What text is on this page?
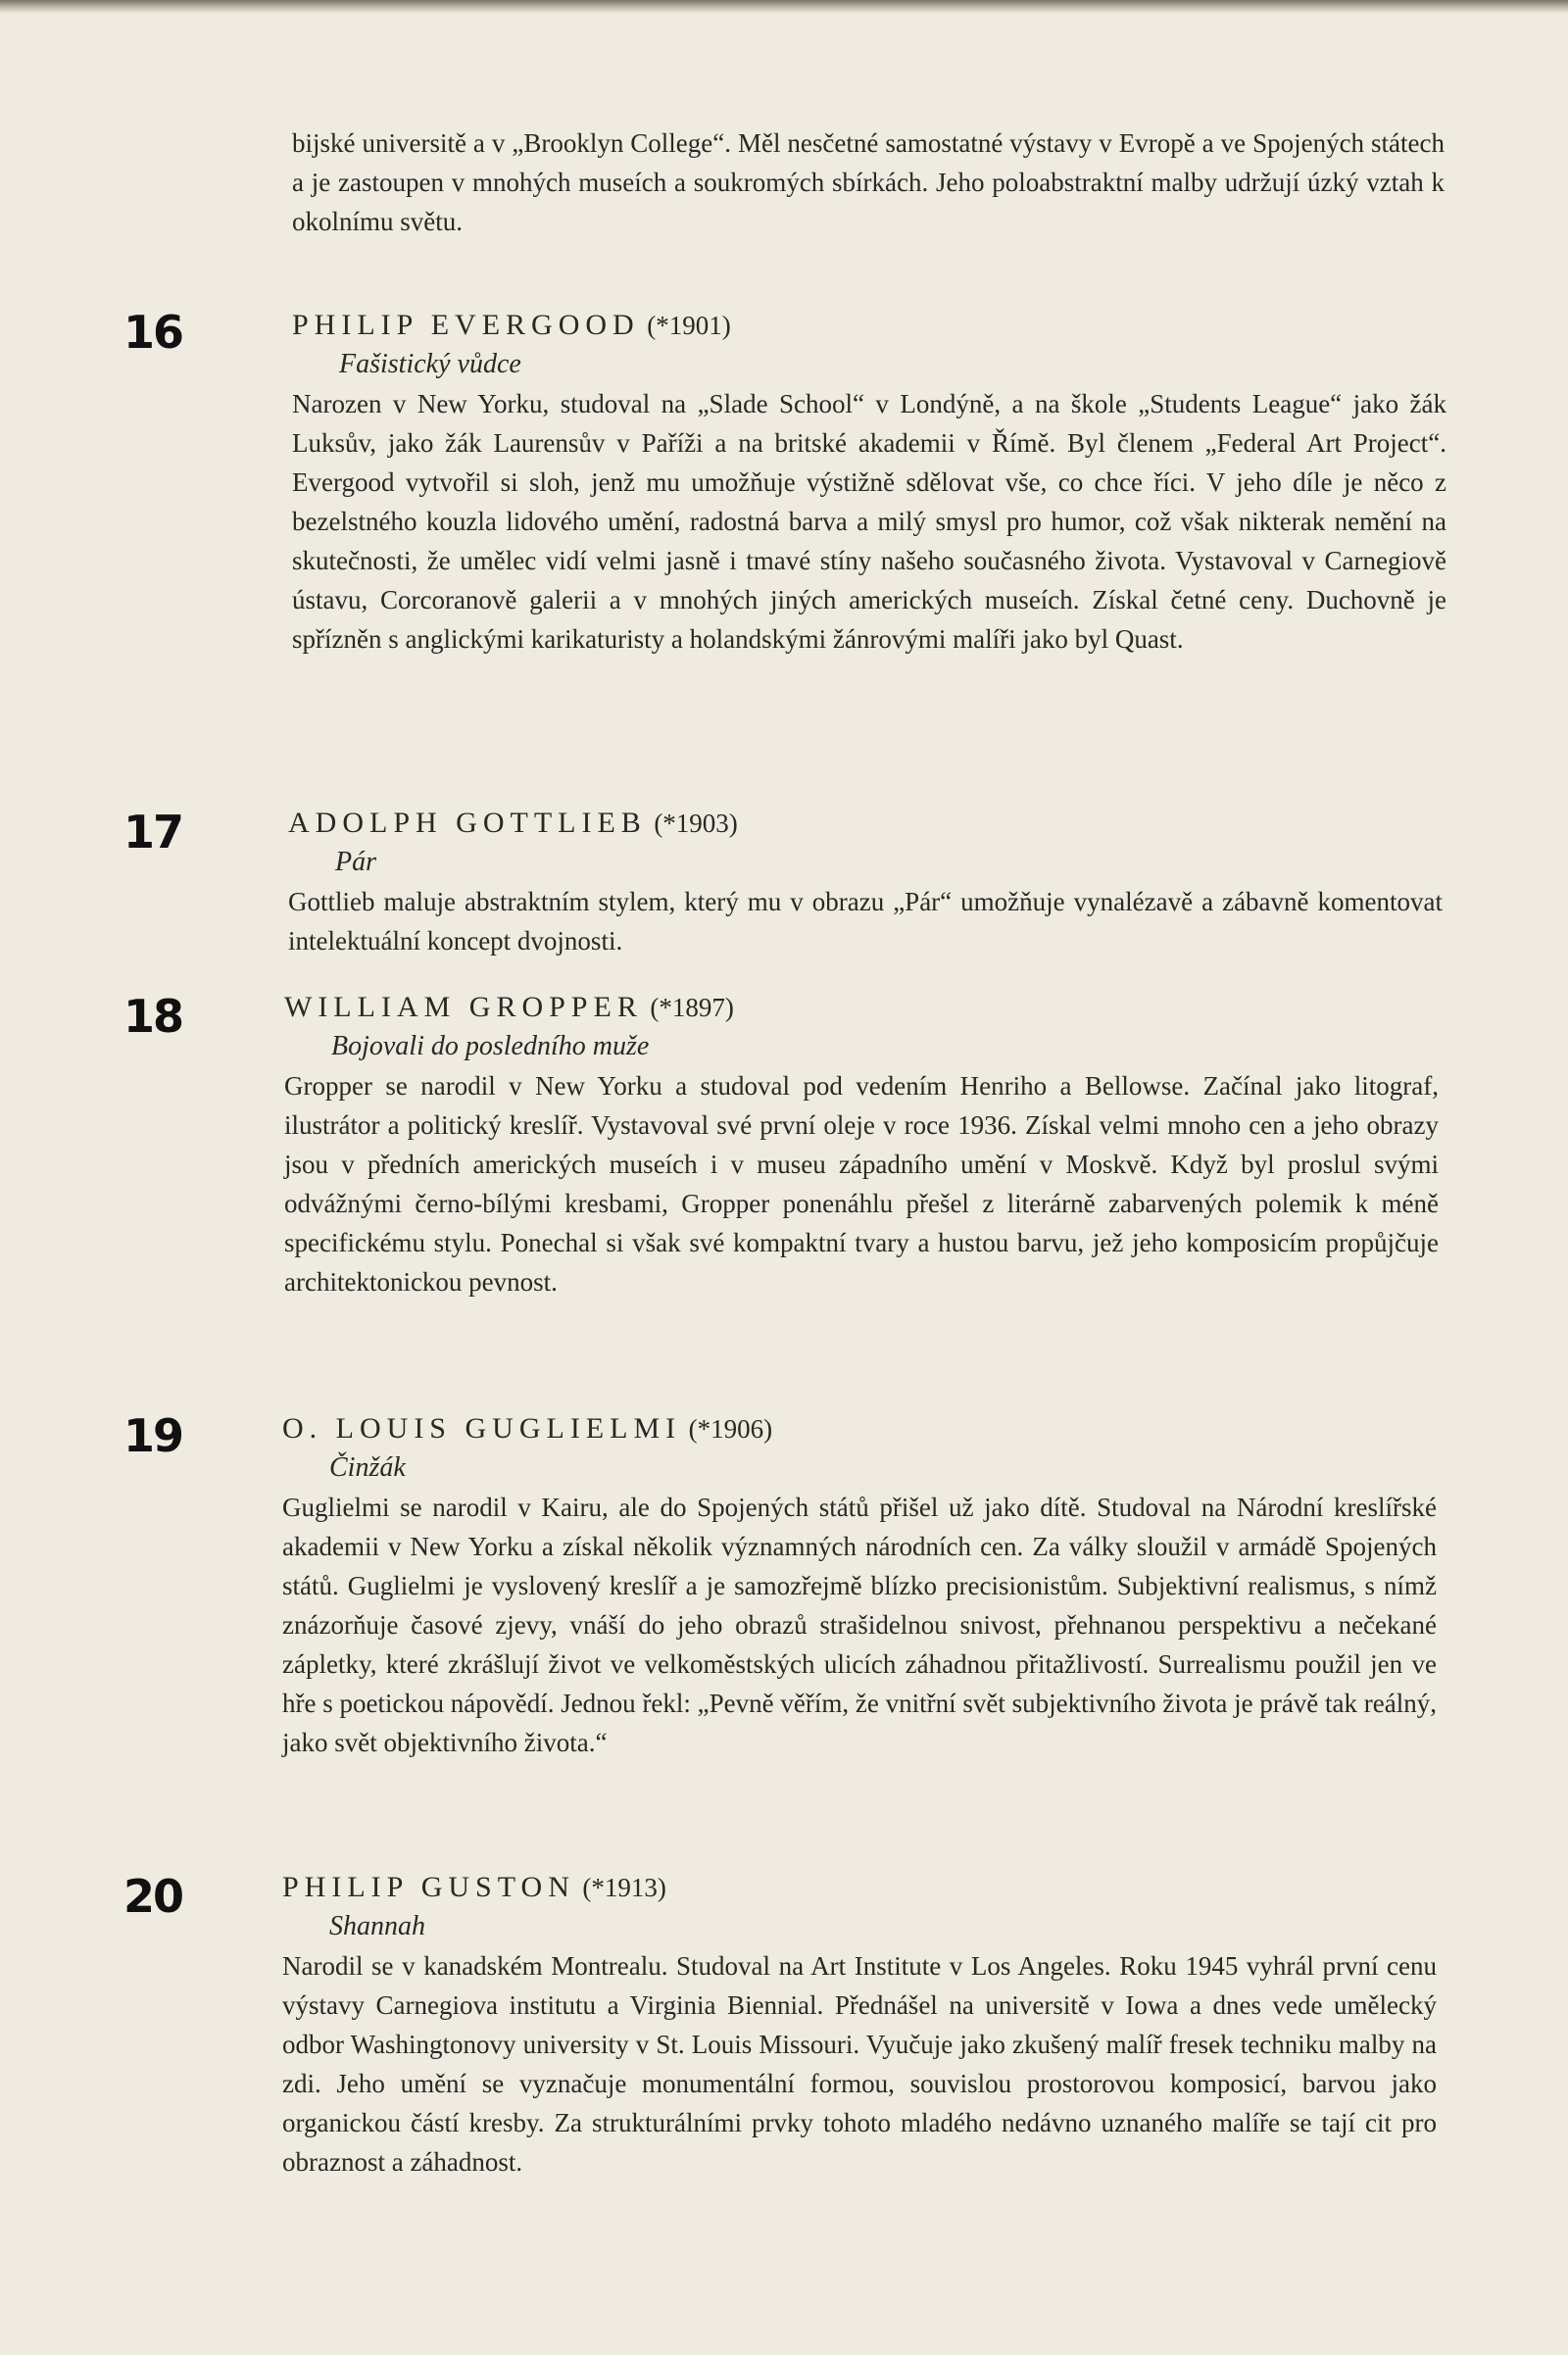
bijské universitě a v „Brooklyn College“. Měl nesčetné samostatné výstavy v Evropě a ve Spojených státech a je zastoupen v mnohých museích a soukromých sbírkách. Jeho poloabstraktní malby udržují úzký vztah k okolnímu světu.

16	PHILIP EVERGOOD (*1901)
Fašistický vůdce

Narozen v New Yorku, studoval na „Slade School“ v Londýně, a na škole „Students League“ jako žák Luksův, jako žák Laurensův v Paříži a na britské akademii v Římě. Byl členem „Federal Art Project“. Evergood vytvořil si sloh, jenž mu umožňuje výstižně sdělovat vše, co chce říci. V jeho díle je něco z bezelstného kouzla lidového umění, radostná barva a milý smysl pro humor, což však nikterak nemění na skutečnosti, že umělec vidí velmi jasně i tmavé stíny našeho současného života. Vystavoval v Carnegiově ústavu, Corcoranově galerii a v mnohých jiných amerických museích. Získal četné ceny. Duchovně je spřízněn s anglickými karikaturisty a holandskými žánrovými malíři jako byl Quast.

17	ADOLPH GOTTLIEB (*1903)
Pár

Gottlieb maluje abstraktním stylem, který mu v obrazu „Pár“ umožňuje vynalézavě a zábavně komentovat intelektuální koncept dvojnosti.

18	WILLIAM GROPPER (*1897)
Bojovali do posledního muže

Gropper se narodil v New Yorku a studoval pod vedením Henriho a Bellowse. Začínal jako litograf, ilustrátor a politický kreslíř. Vystavoval své první oleje v roce 1936. Získal velmi mnoho cen a jeho obrazy jsou v předních amerických museích i v museu západního umění v Moskvě. Když byl proslul svými odvážnými černo-bílými kresbami, Gropper ponenáhlu přešel z literárně zabarvených polemik k méně specifickému stylu. Ponechal si však své kompaktní tvary a hustou barvu, jež jeho komposicím propůjčuje architektonickou pevnost.

19	O. LOUIS GUGLIELMI (*1906)
Činžák

Guglielmi se narodil v Kairu, ale do Spojených států přišel už jako dítě. Studoval na Národní kreslířské akademii v New Yorku a získal několik významných národních cen. Za války sloužil v armádě Spojených států. Guglielmi je vyslovený kreslíř a je samozřejmě blízko precisionistům. Subjektivní realismus, s nímž znázorňuje časové zjevy, vnáší do jeho obrazů strašidelnou snivost, přehnanou perspektivu a nečekané zápletky, které zkrášlují život ve velkoměstských ulicích záhadnou přitažlivostí. Surrealismu použil jen ve hře s poetickou nápovědí. Jednou řekl: „Pevně věřím, že vnitřní svět subjektivního života je právě tak reálný, jako svět objektivního života.“

20	PHILIP GUSTON (*1913)
Shannah

Narodil se v kanadském Montrealu. Studoval na Art Institute v Los Angeles. Roku 1945 vyhrál první cenu výstavy Carnegiova institutu a Virginia Biennial. Přednášel na universitě v Iowa a dnes vede umělecký odbor Washingtonovy university v St. Louis Missouri. Vyučuje jako zkušený malíř fresek techniku malby na zdi. Jeho umění se vyznačuje monumentální formou, souvislou prostorovou komposicí, barvou jako organickou částí kresby. Za strukturálními prvky tohoto mladého nedávno uznaného malíře se tají cit pro obraznost a záhadnost.
